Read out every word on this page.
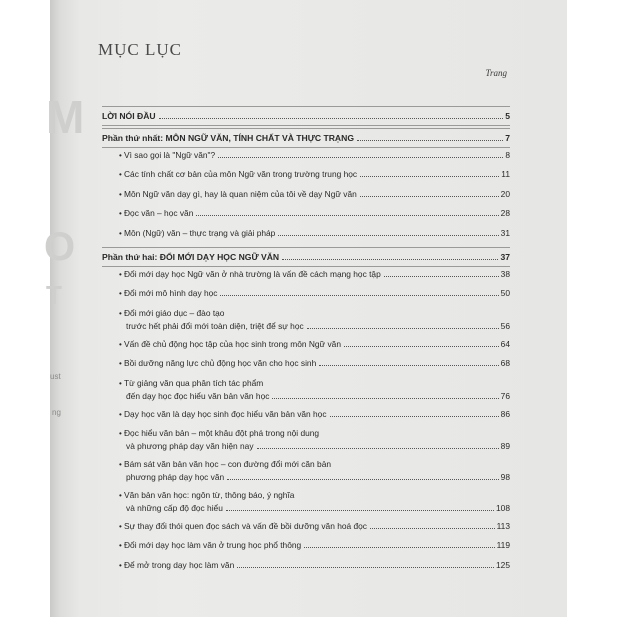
M
O
T
ust
ng
MỤC LỤC
Trang
LỜI NÓI ĐẦU	5
Phần thứ nhất: MÔN NGỮ VĂN, TÍNH CHẤT VÀ THỰC TRẠNG	7
• Vì sao gọi là "Ngữ văn"?	8
• Các tính chất cơ bản của môn Ngữ văn trong trường trung học	11
• Môn Ngữ văn dạy gì, hay là quan niệm của tôi về dạy Ngữ văn	20
• Đọc văn – học văn	28
• Môn (Ngữ) văn – thực trạng và giải pháp	31
Phần thứ hai: ĐỔI MỚI DẠY HỌC NGỮ VĂN	37
• Đổi mới dạy học Ngữ văn ở nhà trường là vấn đề cách mạng học tập	38
• Đổi mới mô hình dạy học	50
• Đổi mới giáo dục – đào tạo
trước hết phải đổi mới toàn diện, triệt để sự học	56
• Vấn đề chủ động học tập của học sinh trong môn Ngữ văn	64
• Bồi dưỡng năng lực chủ động học văn cho học sinh	68
• Từ giảng văn qua phân tích tác phẩm
đến dạy học đọc hiểu văn bản văn học	76
• Dạy học văn là dạy học sinh đọc hiểu văn bản văn học	86
• Đọc hiểu văn bản – một khâu đột phá trong nội dung
và phương pháp dạy văn hiện nay	89
• Bám sát văn bản văn học – con đường đổi mới căn bản
phương pháp dạy học văn	98
• Văn bản văn học: ngôn từ, thông báo, ý nghĩa
và những cấp độ đọc hiểu	108
• Sự thay đổi thói quen đọc sách và vấn đề bồi dưỡng văn hoá đọc	113
• Đổi mới dạy học làm văn ở trung học phổ thông	119
• Để mở trong dạy học làm văn	125
